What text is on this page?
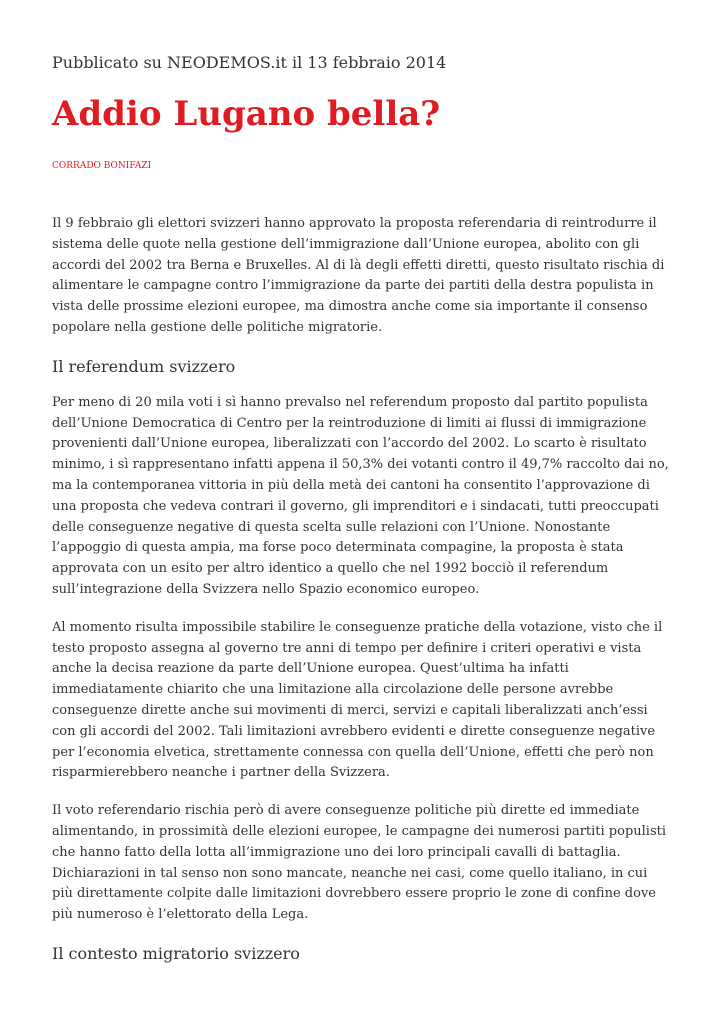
Pubblicato su NEODEMOS.it il 13 febbraio 2014
Addio Lugano bella?
CORRADO BONIFAZI

Il 9 febbraio gli elettori svizzeri hanno approvato la proposta referendaria di reintrodurre il sistema delle quote nella gestione dell’immigrazione dall’Unione europea, abolito con gli accordi del 2002 tra Berna e Bruxelles. Al di là degli effetti diretti, questo risultato rischia di alimentare le campagne contro l’immigrazione da parte dei partiti della destra populista in vista delle prossime elezioni europee, ma dimostra anche come sia importante il consenso popolare nella gestione delle politiche migratorie.

Il referendum svizzero

Per meno di 20 mila voti i sì hanno prevalso nel referendum proposto dal partito populista dell’Unione Democratica di Centro per la reintroduzione di limiti ai flussi di immigrazione provenienti dall’Unione europea, liberalizzati con l’accordo del 2002. Lo scarto è risultato minimo, i sì rappresentano infatti appena il 50,3% dei votanti contro il 49,7% raccolto dai no, ma la contemporanea vittoria in più della metà dei cantoni ha consentito l’approvazione di una proposta che vedeva contrari il governo, gli imprenditori e i sindacati, tutti preoccupati delle conseguenze negative di questa scelta sulle relazioni con l’Unione. Nonostante l’appoggio di questa ampia, ma forse poco determinata compagine, la proposta è stata approvata con un esito per altro identico a quello che nel 1992 bocciò il referendum sull’integrazione della Svizzera nello Spazio economico europeo.

Al momento risulta impossibile stabilire le conseguenze pratiche della votazione, visto che il testo proposto assegna al governo tre anni di tempo per definire i criteri operativi e vista anche la decisa reazione da parte dell’Unione europea. Quest’ultima ha infatti immediatamente chiarito che una limitazione alla circolazione delle persone avrebbe conseguenze dirette anche sui movimenti di merci, servizi e capitali liberalizzati anch’essi con gli accordi del 2002. Tali limitazioni avrebbero evidenti e dirette conseguenze negative per l’economia elvetica, strettamente connessa con quella dell’Unione, effetti che però non risparmierebbero neanche i partner della Svizzera.

Il voto referendario rischia però di avere conseguenze politiche più dirette ed immediate alimentando, in prossimità delle elezioni europee, le campagne dei numerosi partiti populisti che hanno fatto della lotta all’immigrazione uno dei loro principali cavalli di battaglia. Dichiarazioni in tal senso non sono mancate, neanche nei casi, come quello italiano, in cui più direttamente colpite dalle limitazioni dovrebbero essere proprio le zone di confine dove più numeroso è l’elettorato della Lega.

Il contesto migratorio svizzero
